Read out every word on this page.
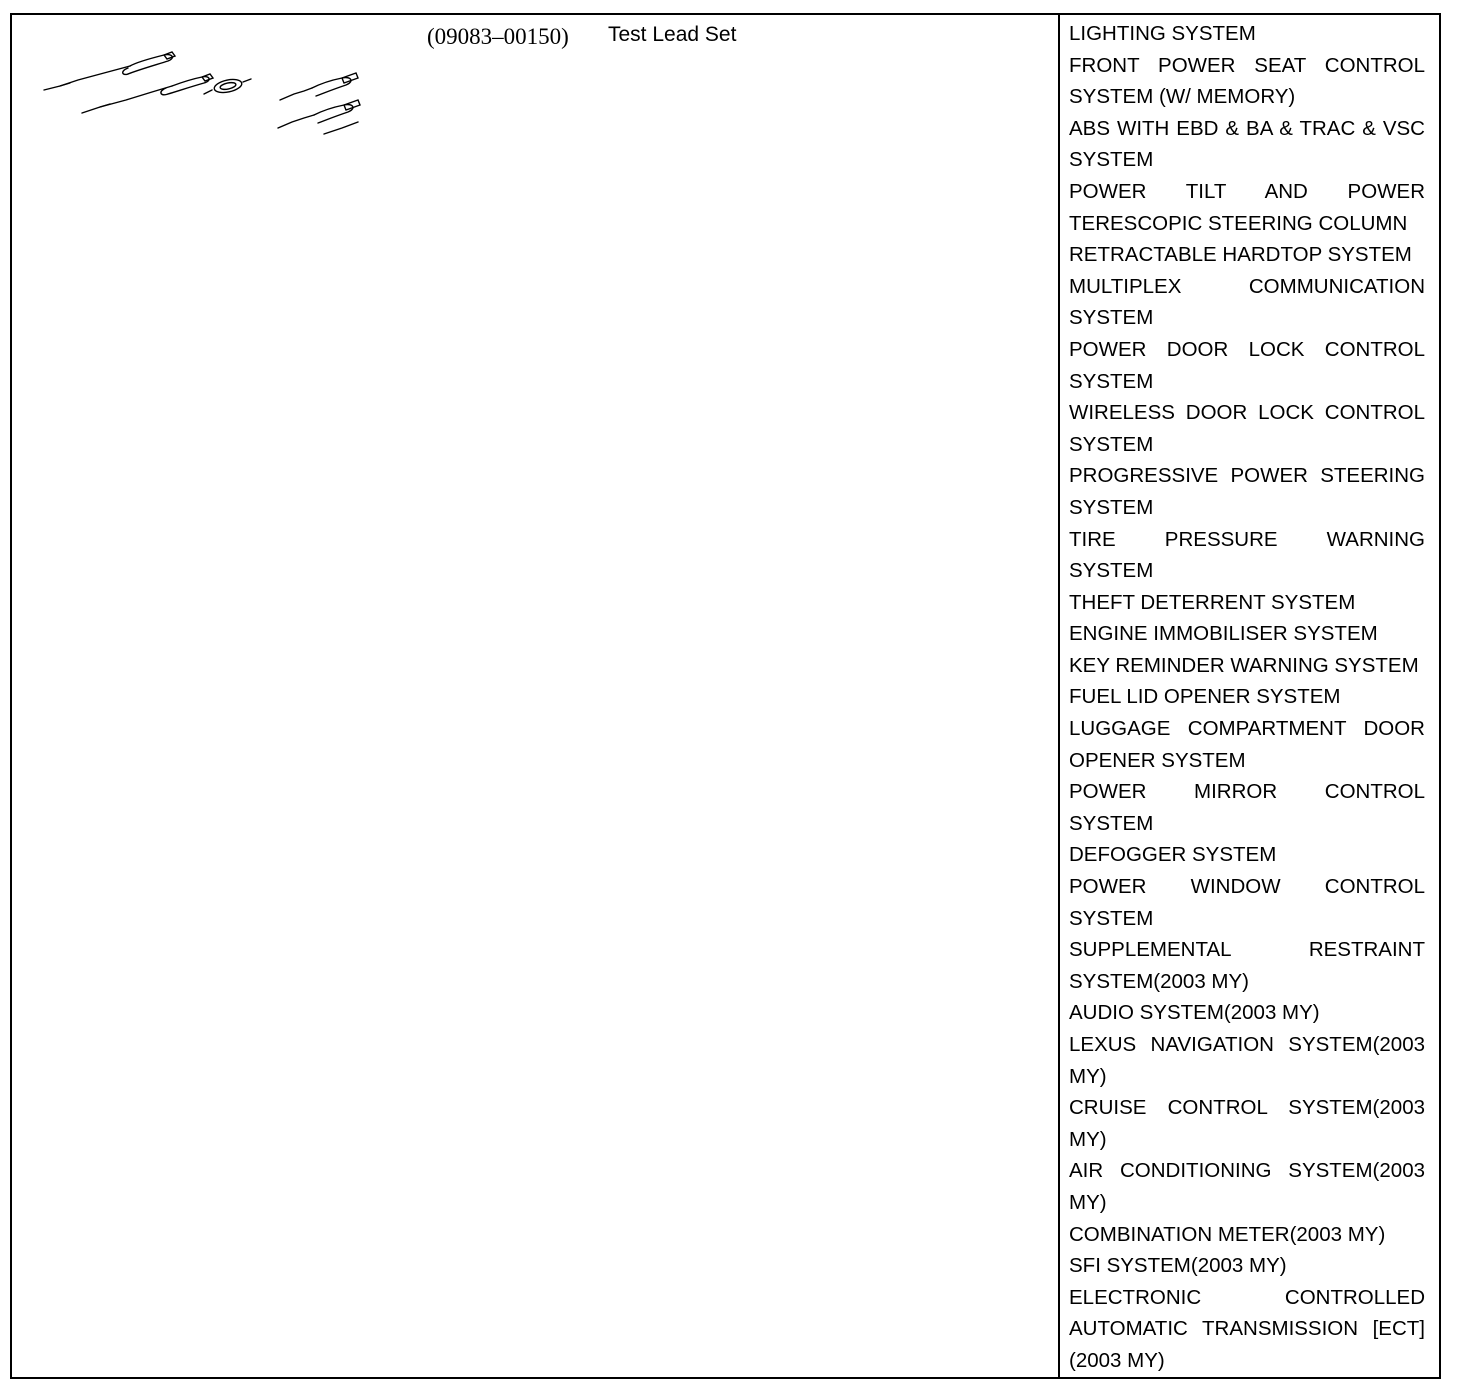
(09083–00150) Test Lead Set	LIGHTING SYSTEM
FRONT POWER SEAT CONTROL SYSTEM (W/ MEMORY)
ABS WITH EBD & BA & TRAC & VSC SYSTEM
POWER TILT AND POWER TERESCOPIC STEERING COLUMN
RETRACTABLE HARDTOP SYSTEM
MULTIPLEX COMMUNICATION SYSTEM
POWER DOOR LOCK CONTROL SYSTEM
WIRELESS DOOR LOCK CONTROL SYSTEM
PROGRESSIVE POWER STEERING SYSTEM
TIRE PRESSURE WARNING SYSTEM
THEFT DETERRENT SYSTEM
ENGINE IMMOBILISER SYSTEM
KEY REMINDER WARNING SYSTEM
FUEL LID OPENER SYSTEM
LUGGAGE COMPARTMENT DOOR OPENER SYSTEM
POWER MIRROR CONTROL SYSTEM
DEFOGGER SYSTEM
POWER WINDOW CONTROL SYSTEM
SUPPLEMENTAL RESTRAINT SYSTEM(2003 MY)
AUDIO SYSTEM(2003 MY)
LEXUS NAVIGATION SYSTEM(2003 MY)
CRUISE CONTROL SYSTEM(2003 MY)
AIR CONDITIONING SYSTEM(2003 MY)
COMBINATION METER(2003 MY)
SFI SYSTEM(2003 MY)
ELECTRONIC CONTROLLED AUTOMATIC TRANSMISSION [ECT](2003 MY)
